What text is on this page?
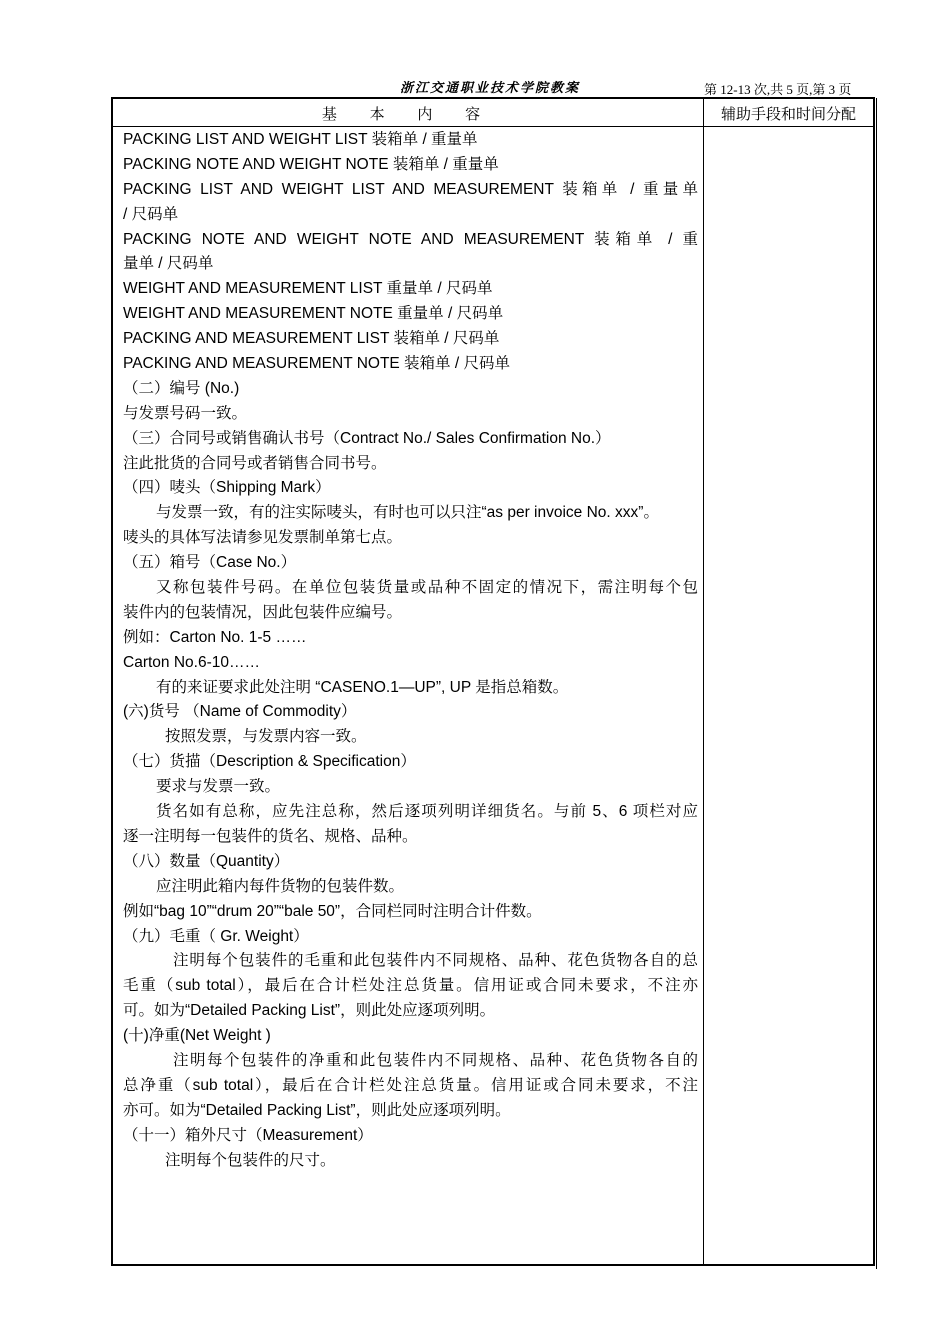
浙江交通职业技术学院教案	第 12-13 次,共 5 页,第 3 页
基 本 内 容	辅助手段和时间分配
PACKING LIST AND WEIGHT LIST 装箱单 / 重量单
PACKING NOTE AND WEIGHT NOTE 装箱单 / 重量单
PACKING LIST AND WEIGHT LIST AND MEASUREMENT 装箱单 / 重量单
/ 尺码单
PACKING NOTE AND WEIGHT NOTE AND MEASUREMENT 装箱单 / 重
量单 / 尺码单
WEIGHT AND MEASUREMENT LIST 重量单 / 尺码单
WEIGHT AND MEASUREMENT NOTE 重量单 / 尺码单
PACKING AND MEASUREMENT LIST 装箱单 / 尺码单
PACKING AND MEASUREMENT NOTE 装箱单 / 尺码单
（二）编号 (No.)
与发票号码一致。
（三）合同号或销售确认书号（Contract No./ Sales Confirmation No.）
注此批货的合同号或者销售合同书号。
（四）唛头（Shipping Mark）
与发票一致，有的注实际唛头，有时也可以只注“as per invoice No. xxx”。
唛头的具体写法请参见发票制单第七点。
（五）箱号（Case No.）
又称包装件号码。在单位包装货量或品种不固定的情况下，需注明每个包
装件内的包装情况，因此包装件应编号。
例如：Carton No. 1-5 ……
Carton No.6-10……
有的来证要求此处注明 “CASENO.1—UP”, UP 是指总箱数。
(六)货号 （Name of Commodity）
按照发票，与发票内容一致。
（七）货描（Description & Specification）
要求与发票一致。
货名如有总称，应先注总称，然后逐项列明详细货名。与前 5、6 项栏对应
逐一注明每一包装件的货名、规格、品种。
（八）数量（Quantity）
应注明此箱内每件货物的包装件数。
例如“bag 10”“drum 20”“bale 50”，合同栏同时注明合计件数。
（九）毛重（ Gr. Weight）
注明每个包装件的毛重和此包装件内不同规格、品种、花色货物各自的总
毛重（sub total），最后在合计栏处注总货量。信用证或合同未要求，不注亦
可。如为“Detailed Packing List”，则此处应逐项列明。
(十)净重(Net Weight )
注明每个包装件的净重和此包装件内不同规格、品种、花色货物各自的
总净重（sub total），最后在合计栏处注总货量。信用证或合同未要求，不注
亦可。如为“Detailed Packing List”，则此处应逐项列明。
（十一）箱外尺寸（Measurement）
注明每个包装件的尺寸。
